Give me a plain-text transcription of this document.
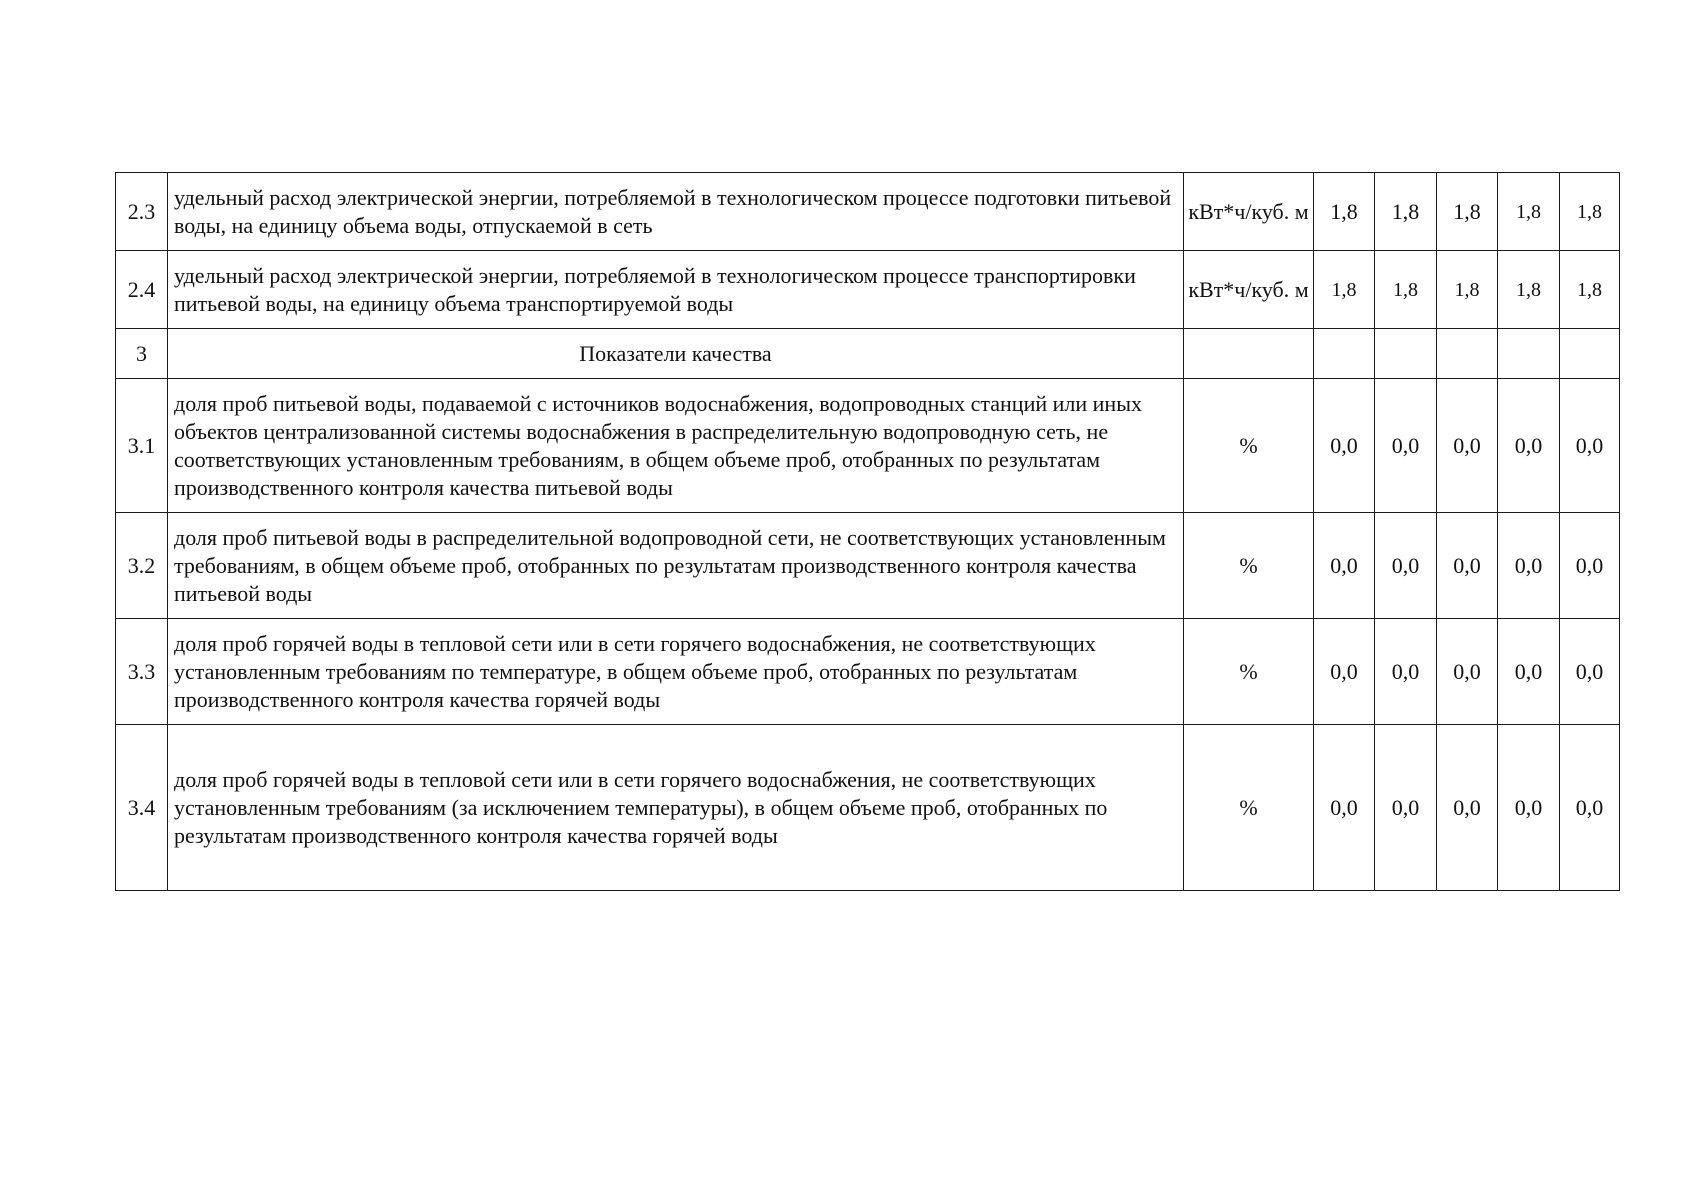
2.3	удельный расход электрической энергии, потребляемой в технологическом процессе подготовки питьевой воды, на единицу объема воды, отпускаемой в сеть	кВт*ч/куб. м	1,8	1,8	1,8	1,8	1,8
2.4	удельный расход электрической энергии, потребляемой в технологическом процессе транспортировки питьевой воды, на единицу объема транспортируемой воды	кВт*ч/куб. м	1,8	1,8	1,8	1,8	1,8
3	Показатели качества						
3.1	доля проб питьевой воды, подаваемой с источников водоснабжения, водопроводных станций или иных объектов централизованной системы водоснабжения в распределительную водопроводную сеть, не соответствующих установленным требованиям, в общем объеме проб, отобранных по результатам производственного контроля качества питьевой воды	%	0,0	0,0	0,0	0,0	0,0
3.2	доля проб питьевой воды в распределительной водопроводной сети, не соответствующих установленным требованиям, в общем объеме проб, отобранных по результатам производственного контроля качества питьевой воды	%	0,0	0,0	0,0	0,0	0,0
3.3	доля проб горячей воды в тепловой сети или в сети горячего водоснабжения, не соответствующих установленным требованиям по температуре, в общем объеме проб, отобранных по результатам производственного контроля качества горячей воды	%	0,0	0,0	0,0	0,0	0,0
3.4	доля проб горячей воды в тепловой сети или в сети горячего водоснабжения, не соответствующих установленным требованиям (за исключением температуры), в общем объеме проб, отобранных по результатам производственного контроля качества горячей воды	%	0,0	0,0	0,0	0,0	0,0
